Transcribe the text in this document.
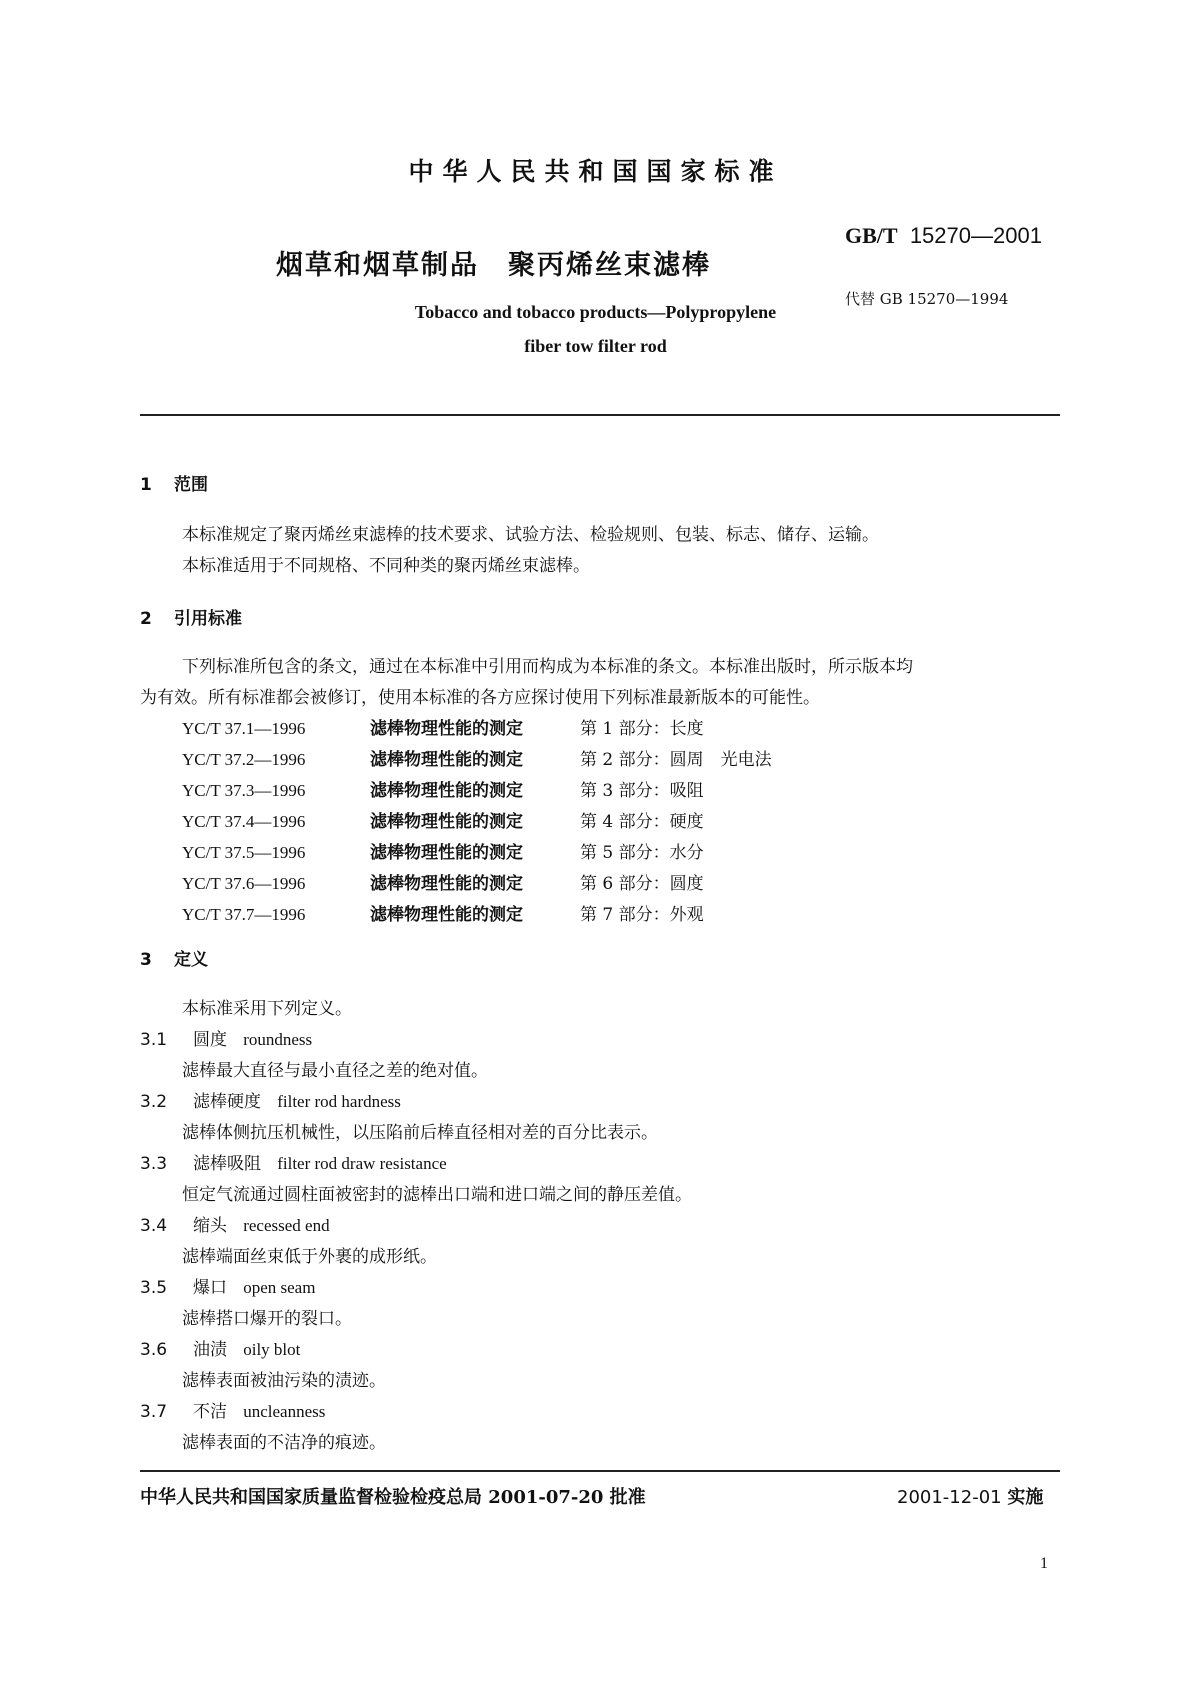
中华人民共和国国家标准
GB/T 15270—2001
烟草和烟草制品　聚丙烯丝束滤棒
代替 GB 15270—1994
Tobacco and tobacco products—Polypropylene
fiber tow filter rod
1 范围
本标准规定了聚丙烯丝束滤棒的技术要求、试验方法、检验规则、包装、标志、储存、运输。
本标准适用于不同规格、不同种类的聚丙烯丝束滤棒。
2 引用标准
下列标准所包含的条文，通过在本标准中引用而构成为本标准的条文。本标准出版时，所示版本均
为有效。所有标准都会被修订，使用本标准的各方应探讨使用下列标准最新版本的可能性。
YC/T 37.1—1996	滤棒物理性能的测定	第 1 部分：长度
YC/T 37.2—1996	滤棒物理性能的测定	第 2 部分：圆周　光电法
YC/T 37.3—1996	滤棒物理性能的测定	第 3 部分：吸阻
YC/T 37.4—1996	滤棒物理性能的测定	第 4 部分：硬度
YC/T 37.5—1996	滤棒物理性能的测定	第 5 部分：水分
YC/T 37.6—1996	滤棒物理性能的测定	第 6 部分：圆度
YC/T 37.7—1996	滤棒物理性能的测定	第 7 部分：外观
3 定义
本标准采用下列定义。
3.1 圆度 roundness
滤棒最大直径与最小直径之差的绝对值。
3.2 滤棒硬度 filter rod hardness
滤棒体侧抗压机械性，以压陷前后棒直径相对差的百分比表示。
3.3 滤棒吸阻 filter rod draw resistance
恒定气流通过圆柱面被密封的滤棒出口端和进口端之间的静压差值。
3.4 缩头 recessed end
滤棒端面丝束低于外裹的成形纸。
3.5 爆口 open seam
滤棒搭口爆开的裂口。
3.6 油渍 oily blot
滤棒表面被油污染的渍迹。
3.7 不洁 uncleanness
滤棒表面的不洁净的痕迹。
中华人民共和国国家质量监督检验检疫总局 2001-07-20 批准	2001-12-01 实施
1
